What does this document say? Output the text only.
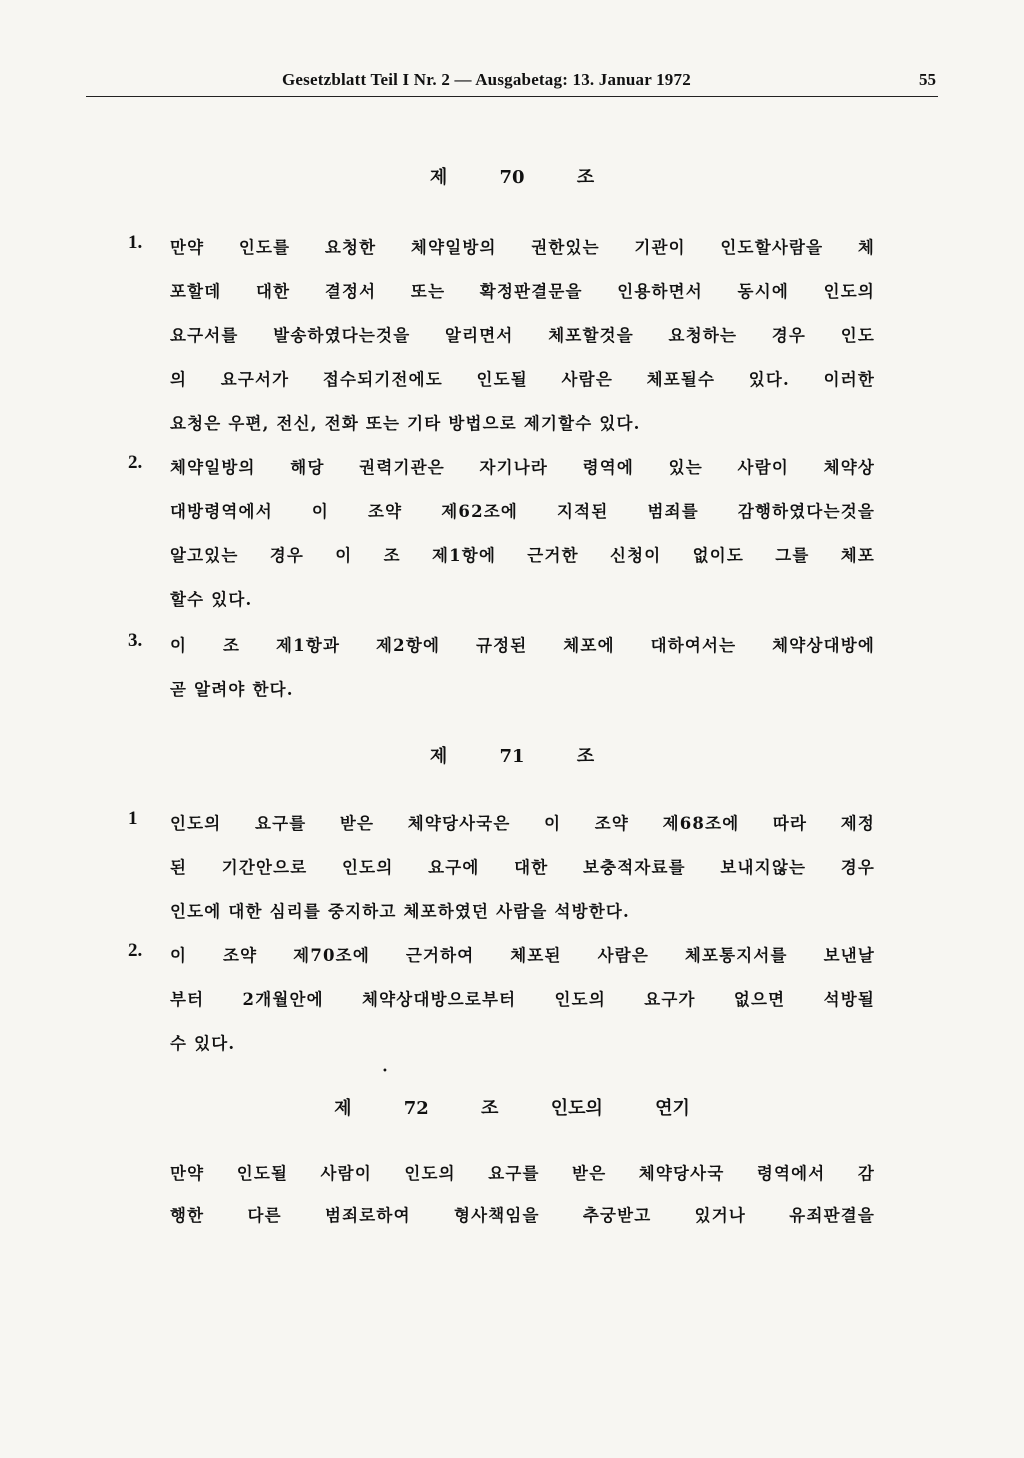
Gesetzblatt Teil I Nr. 2 — Ausgabetag: 13. Januar 1972	55
제 70 조
1. 만약 인도를 요청한 체약일방의 권한있는 기관이 인도할사람을 체
포할데 대한 결정서 또는 확정판결문을 인용하면서 동시에 인도의
요구서를 발송하였다는것을 알리면서 체포할것을 요청하는 경우 인도
의 요구서가 접수되기전에도 인도될 사람은 체포될수 있다. 이러한
요청은 우편, 전신, 전화 또는 기타 방법으로 제기할수 있다.
2. 체약일방의 해당 권력기관은 자기나라 령역에 있는 사람이 체약상
대방령역에서 이 조약 제62조에 지적된 범죄를 감행하였다는것을
알고있는 경우 이 조 제1항에 근거한 신청이 없이도 그를 체포
할수 있다.
3. 이 조 제1항과 제2항에 규정된 체포에 대하여서는 체약상대방에
곧 알려야 한다.
제 71 조
1 인도의 요구를 받은 체약당사국은 이 조약 제68조에 따라 제정
된 기간안으로 인도의 요구에 대한 보충적자료를 보내지않는 경우
인도에 대한 심리를 중지하고 체포하였던 사람을 석방한다.
2. 이 조약 제70조에 근거하여 체포된 사람은 체포통지서를 보낸날
부터 2개월안에 체약상대방으로부터 인도의 요구가 없으면 석방될
수 있다.
•
제 72 조 인도의 연기
만약 인도될 사람이 인도의 요구를 받은 체약당사국 령역에서 감
행한 다른 범죄로하여 형사책임을 추궁받고 있거나 유죄판결을
